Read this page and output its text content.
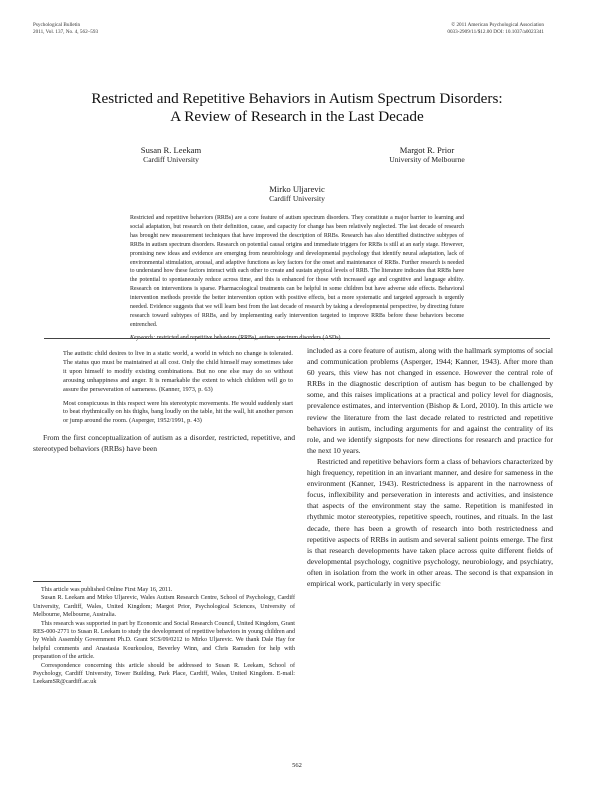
Psychological Bulletin
2011, Vol. 137, No. 4, 562–593
© 2011 American Psychological Association
0033-2909/11/$12.00 DOI: 10.1037/a0023341
Restricted and Repetitive Behaviors in Autism Spectrum Disorders:
A Review of Research in the Last Decade
Susan R. Leekam
Cardiff University
Margot R. Prior
University of Melbourne
Mirko Uljarevic
Cardiff University

Restricted and repetitive behaviors (RRBs) are a core feature of autism spectrum disorders. They constitute a major barrier to learning and social adaptation, but research on their definition, cause, and capacity for change has been relatively neglected. The last decade of research has brought new measurement techniques that have improved the description of RRBs. Research has also identified distinctive subtypes of RRBs in autism spectrum disorders. Research on potential causal origins and immediate triggers for RRBs is still at an early stage. However, promising new ideas and evidence are emerging from neurobiology and developmental psychology that identify neural adaptation, lack of environmental stimulation, arousal, and adaptive functions as key factors for the onset and maintenance of RRBs. Further research is needed to understand how these factors interact with each other to create and sustain atypical levels of RRB. The literature indicates that RRBs have the potential to spontaneously reduce across time, and this is enhanced for those with increased age and cognitive and language ability. Research on interventions is sparse. Pharmacological treatments can be helpful in some children but have adverse side effects. Behavioral intervention methods provide the better intervention option with positive effects, but a more systematic and targeted approach is urgently needed. Evidence suggests that we will learn best from the last decade of research by taking a developmental perspective, by directing future research toward subtypes of RRBs, and by implementing early intervention targeted to improve RRBs before these behaviors become entrenched.

Keywords: restricted and repetitive behaviors (RRBs), autism spectrum disorders (ASDs)

The autistic child desires to live in a static world, a world in which no change is tolerated. The status quo must be maintained at all cost. Only the child himself may sometimes take it upon himself to modify existing combinations. But no one else may do so without arousing unhappiness and anger. It is remarkable the extent to which children will go to assure the perseveration of sameness. (Kanner, 1973, p. 63)

Most conspicuous in this respect were his stereotypic movements. He would suddenly start to beat rhythmically on his thighs, bang loudly on the table, hit the wall, hit another person or jump around the room. (Asperger, 1952/1991, p. 43)

From the first conceptualization of autism as a disorder, restricted, repetitive, and stereotyped behaviors (RRBs) have been

This article was published Online First May 16, 2011.

Susan R. Leekam and Mirko Uljarevic, Wales Autism Research Centre, School of Psychology, Cardiff University, Cardiff, Wales, United Kingdom; Margot Prior, Psychological Sciences, University of Melbourne, Melbourne, Australia.

This research was supported in part by Economic and Social Research Council, United Kingdom, Grant RES-000-2771 to Susan R. Leekam to study the development of repetitive behaviors in young children and by Welsh Assembly Government Ph.D. Grant SCS/09/0212 to Mirko Uljarevic. We thank Dale Hay for helpful comments and Anastasia Kourkoulou, Beverley Winn, and Chris Ramsden for help with preparation of the article.

Correspondence concerning this article should be addressed to Susan R. Leekam, School of Psychology, Cardiff University, Tower Building, Park Place, Cardiff, Wales, United Kingdom. E-mail: LeekamSR@cardiff.ac.uk

included as a core feature of autism, along with the hallmark symptoms of social and communication problems (Asperger, 1944; Kanner, 1943). After more than 60 years, this view has not changed in essence. However the central role of RRBs in the diagnostic description of autism has begun to be challenged by some, and this raises implications at a practical and policy level for diagnosis, prevalence estimates, and intervention (Bishop & Lord, 2010). In this article we review the literature from the last decade related to restricted and repetitive behaviors in autism, including arguments for and against the centrality of its role, and we identify signposts for new directions for research and practice for the next 10 years.

Restricted and repetitive behaviors form a class of behaviors characterized by high frequency, repetition in an invariant manner, and desire for sameness in the environment (Kanner, 1943). Restrictedness is apparent in the narrowness of focus, inflexibility and perseveration in interests and activities, and insistence that aspects of the environment stay the same. Repetition is manifested in rhythmic motor stereotypies, repetitive speech, routines, and rituals. In the last decade, there has been a growth of research into both restrictedness and repetitive aspects of RRBs in autism and several salient points emerge. The first is that research developments have taken place across quite different fields of developmental psychology, cognitive psychology, neurobiology, and psychiatry, often in isolation from the work in other areas. The second is that expansion in empirical work, particularly in very specific

562
